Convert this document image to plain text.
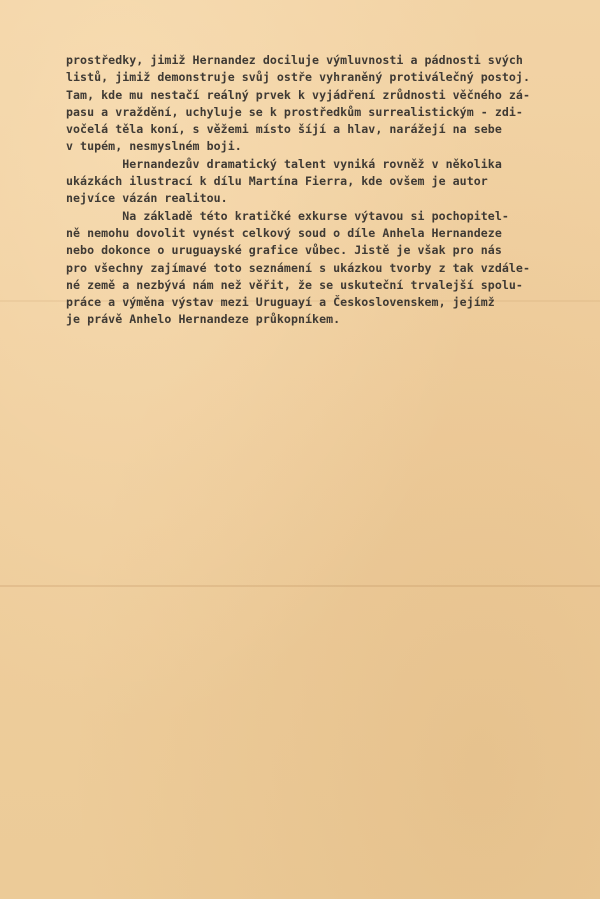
prostředky, jimiž Hernandez dociluje výmluvnosti a pádnosti svých
listů, jimiž demonstruje svůj ostře vyhraněný protiválečný postoj.
Tam, kde mu nestačí reálný prvek k vyjádření zrůdnosti věčného zá-
pasu a vraždění, uchyluje se k prostředkům surrealistickým - zdi-
vočelá těla koní, s věžemi místo šíjí a hlav, narážejí na sebe
v tupém, nesmyslném boji.
Hernandezův dramatický talent vyniká rovněž v několika
ukázkách ilustrací k dílu Martína Fierra, kde ovšem je autor
nejvíce vázán realitou.
Na základě této kratičké exkurse výtavou si pochopitel-
ně nemohu dovolit vynést celkový soud o díle Anhela Hernandeze
nebo dokonce o uruguayské grafice vůbec. Jistě je však pro nás
pro všechny zajímavé toto seznámení s ukázkou tvorby z tak vzdále-
né země a nezbývá nám než věřit, že se uskuteční trvalejší spolu-
práce a výměna výstav mezi Uruguayí a Československem, jejímž
je právě Anhelo Hernandeze průkopníkem.
